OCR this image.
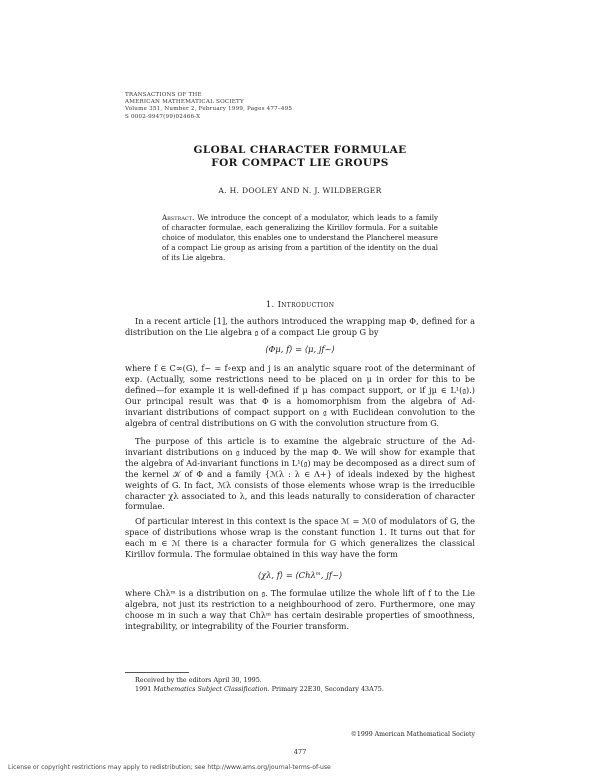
TRANSACTIONS OF THE
AMERICAN MATHEMATICAL SOCIETY
Volume 351, Number 2, February 1999, Pages 477–495
S 0002-9947(99)02466-X
GLOBAL CHARACTER FORMULAE
FOR COMPACT LIE GROUPS
A. H. DOOLEY AND N. J. WILDBERGER
Abstract. We introduce the concept of a modulator, which leads to a family of character formulae, each generalizing the Kirillov formula. For a suitable choice of modulator, this enables one to understand the Plancherel measure of a compact Lie group as arising from a partition of the identity on the dual of its Lie algebra.
1. Introduction

In a recent article [1], the authors introduced the wrapping map Φ, defined for a distribution on the Lie algebra 𝔤 of a compact Lie group G by

⟨Φμ, f⟩ = ⟨μ, jf~⟩

where f ∈ C∞(G), f~ = f∘exp and j is an analytic square root of the determinant of exp. (Actually, some restrictions need to be placed on μ in order for this to be defined—for example it is well-defined if μ has compact support, or if jμ ∈ L¹(𝔤).) Our principal result was that Φ is a homomorphism from the algebra of Ad-invariant distributions of compact support on 𝔤 with Euclidean convolution to the algebra of central distributions on G with the convolution structure from G.

The purpose of this article is to examine the algebraic structure of the Ad-invariant distributions on 𝔤 induced by the map Φ. We will show for example that the algebra of Ad-invariant functions in L¹(𝔤) may be decomposed as a direct sum of the kernel 𝒦 of Φ and a family {ℳλ : λ ∈ Λ+} of ideals indexed by the highest weights of G. In fact, ℳλ consists of those elements whose wrap is the irreducible character χλ associated to λ, and this leads naturally to consideration of character formulae.

Of particular interest in this context is the space ℳ = ℳ0 of modulators of G, the space of distributions whose wrap is the constant function 1. It turns out that for each m ∈ ℳ there is a character formula for G which generalizes the classical Kirillov formula. The formulae obtained in this way have the form

⟨χλ, f⟩ = ⟨Chλᵐ, jf~⟩

where Chλᵐ is a distribution on 𝔤. The formulae utilize the whole lift of f to the Lie algebra, not just its restriction to a neighbourhood of zero. Furthermore, one may choose m in such a way that Chλᵐ has certain desirable properties of smoothness, integrability, or integrability of the Fourier transform.

Received by the editors April 30, 1995.
1991 Mathematics Subject Classification. Primary 22E30, Secondary 43A75.
©1999 American Mathematical Society
477
License or copyright restrictions may apply to redistribution; see http://www.ams.org/journal-terms-of-use
